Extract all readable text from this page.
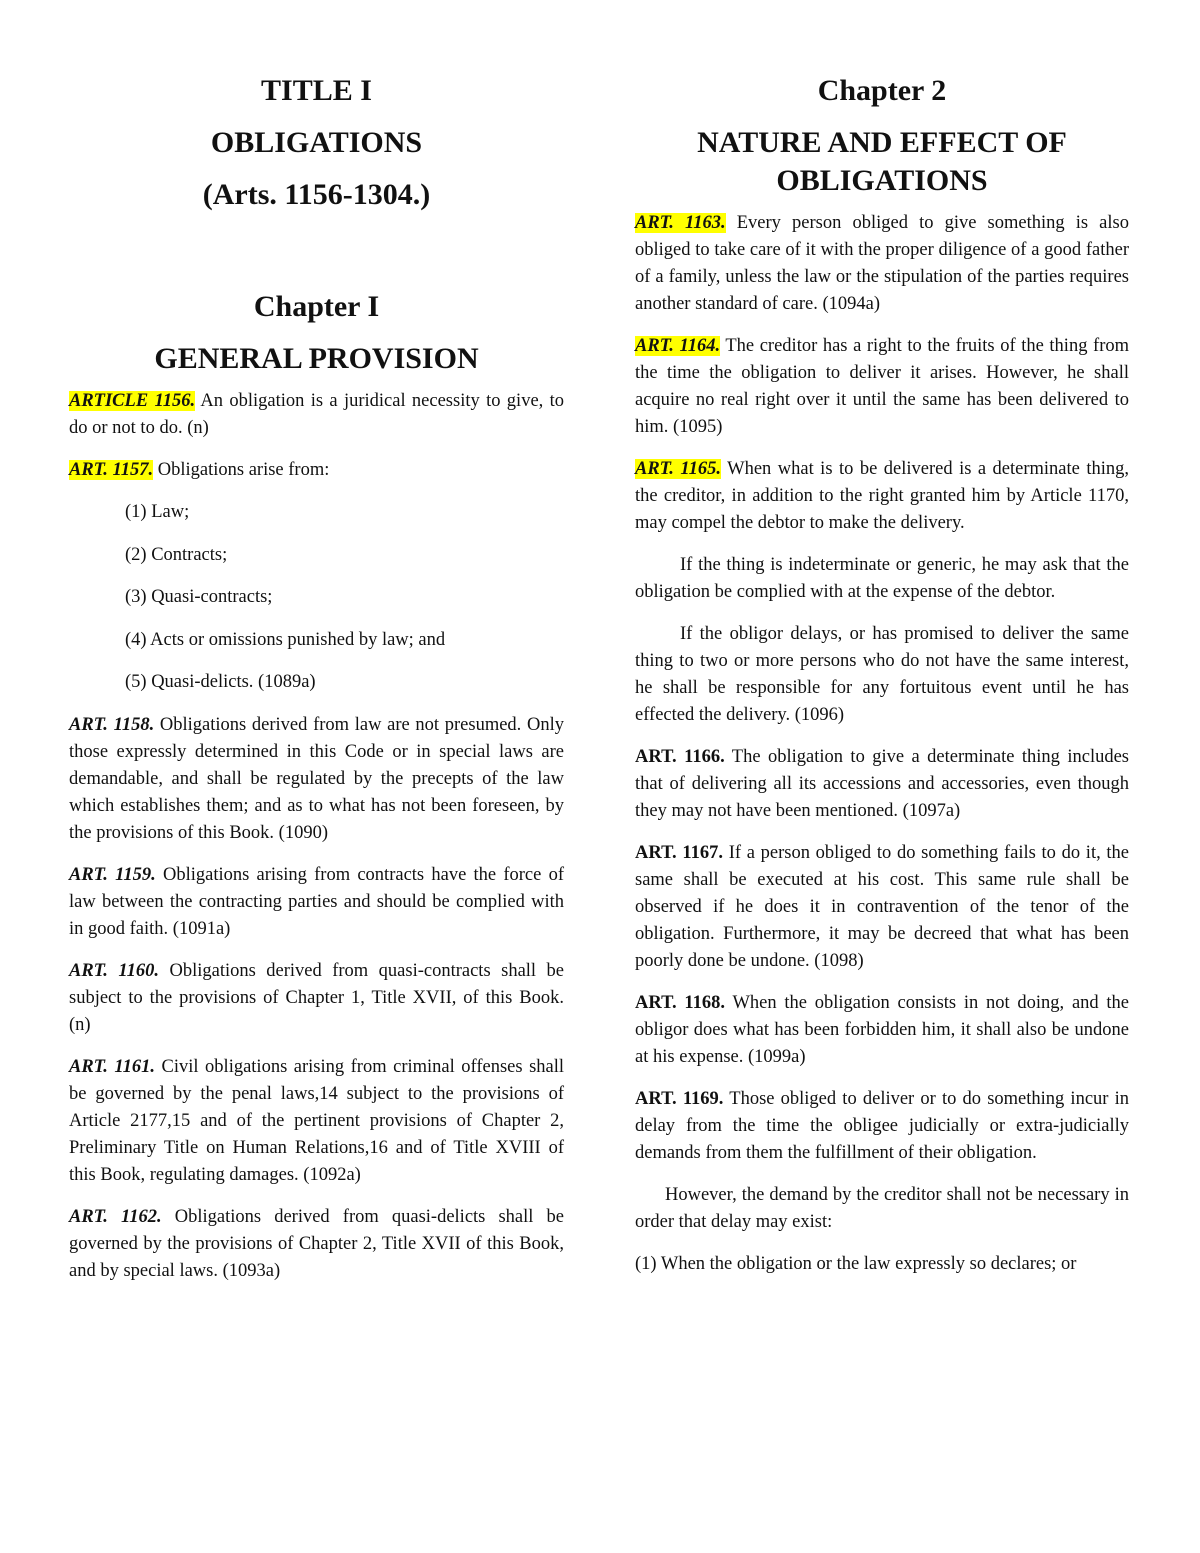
TITLE I

OBLIGATIONS

(Arts. 1156-1304.)

Chapter I

GENERAL PROVISION

ARTICLE 1156. An obligation is a juridical necessity to give, to do or not to do. (n)

ART. 1157. Obligations arise from:

(1) Law;

(2) Contracts;

(3) Quasi-contracts;

(4) Acts or omissions punished by law; and

(5) Quasi-delicts. (1089a)

ART. 1158. Obligations derived from law are not presumed. Only those expressly determined in this Code or in special laws are demandable, and shall be regulated by the precepts of the law which establishes them; and as to what has not been foreseen, by the provisions of this Book. (1090)

ART. 1159. Obligations arising from contracts have the force of law between the contracting parties and should be complied with in good faith. (1091a)

ART. 1160. Obligations derived from quasi-contracts shall be subject to the provisions of Chapter 1, Title XVII, of this Book. (n)

ART. 1161. Civil obligations arising from criminal offenses shall be governed by the penal laws,14 subject to the provisions of Article 2177,15 and of the pertinent provisions of Chapter 2, Preliminary Title on Human Relations,16 and of Title XVIII of this Book, regulating damages. (1092a)

ART. 1162. Obligations derived from quasi-delicts shall be governed by the provisions of Chapter 2, Title XVII of this Book, and by special laws. (1093a)

Chapter 2

NATURE AND EFFECT OF OBLIGATIONS

ART. 1163. Every person obliged to give something is also obliged to take care of it with the proper diligence of a good father of a family, unless the law or the stipulation of the parties requires another standard of care. (1094a)

ART. 1164. The creditor has a right to the fruits of the thing from the time the obligation to deliver it arises. However, he shall acquire no real right over it until the same has been delivered to him. (1095)

ART. 1165. When what is to be delivered is a determinate thing, the creditor, in addition to the right granted him by Article 1170, may compel the debtor to make the delivery.

If the thing is indeterminate or generic, he may ask that the obligation be complied with at the expense of the debtor.

If the obligor delays, or has promised to deliver the same thing to two or more persons who do not have the same interest, he shall be responsible for any fortuitous event until he has effected the delivery. (1096)

ART. 1166. The obligation to give a determinate thing includes that of delivering all its accessions and accessories, even though they may not have been mentioned. (1097a)

ART. 1167. If a person obliged to do something fails to do it, the same shall be executed at his cost. This same rule shall be observed if he does it in contravention of the tenor of the obligation. Furthermore, it may be decreed that what has been poorly done be undone. (1098)

ART. 1168. When the obligation consists in not doing, and the obligor does what has been forbidden him, it shall also be undone at his expense. (1099a)

ART. 1169. Those obliged to deliver or to do something incur in delay from the time the obligee judicially or extra-judicially demands from them the fulfillment of their obligation.

However, the demand by the creditor shall not be necessary in order that delay may exist:

(1) When the obligation or the law expressly so declares; or
